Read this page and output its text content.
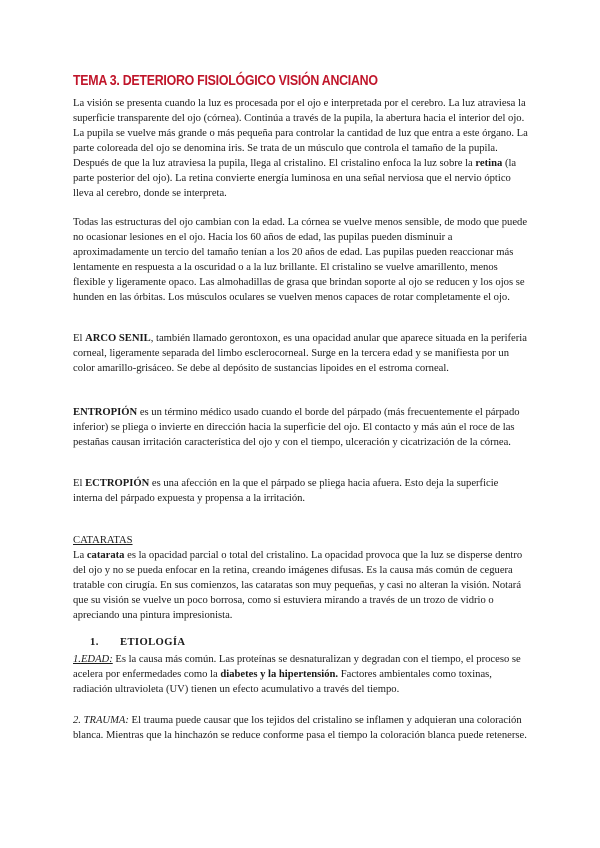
TEMA 3. DETERIORO FISIOLÓGICO VISIÓN ANCIANO

La visión se presenta cuando la luz es procesada por el ojo e interpretada por el cerebro. La luz atraviesa la superficie transparente del ojo (córnea). Continúa a través de la pupila, la abertura hacia el interior del ojo. La pupila se vuelve más grande o más pequeña para controlar la cantidad de luz que entra a este órgano. La parte coloreada del ojo se denomina iris. Se trata de un músculo que controla el tamaño de la pupila. Después de que la luz atraviesa la pupila, llega al cristalino. El cristalino enfoca la luz sobre la retina (la parte posterior del ojo). La retina convierte energía luminosa en una señal nerviosa que el nervio óptico lleva al cerebro, donde se interpreta.

Todas las estructuras del ojo cambian con la edad. La córnea se vuelve menos sensible, de modo que puede no ocasionar lesiones en el ojo. Hacia los 60 años de edad, las pupilas pueden disminuir a aproximadamente un tercio del tamaño tenían a los 20 años de edad. Las pupilas pueden reaccionar más lentamente en respuesta a la oscuridad o a la luz brillante. El cristalino se vuelve amarillento, menos flexible y ligeramente opaco. Las almohadillas de grasa que brindan soporte al ojo se reducen y los ojos se hunden en las órbitas. Los músculos oculares se vuelven menos capaces de rotar completamente el ojo.

El ARCO SENIL, también llamado gerontoxon, es una opacidad anular que aparece situada en la periferia corneal, ligeramente separada del limbo esclerocorneal. Surge en la tercera edad y se manifiesta por un color amarillo-grisáceo. Se debe al depósito de sustancias lipoides en el estroma corneal.

ENTROPIÓN es un término médico usado cuando el borde del párpado (más frecuentemente el párpado inferior) se pliega o invierte en dirección hacia la superficie del ojo. El contacto y más aún el roce de las pestañas causan irritación característica del ojo y con el tiempo, ulceración y cicatrización de la córnea.

El ECTROPIÓN es una afección en la que el párpado se pliega hacia afuera. Esto deja la superficie interna del párpado expuesta y propensa a la irritación.

CATARATAS

La catarata es la opacidad parcial o total del cristalino. La opacidad provoca que la luz se disperse dentro del ojo y no se pueda enfocar en la retina, creando imágenes difusas. Es la causa más común de ceguera tratable con cirugía. En sus comienzos, las cataratas son muy pequeñas, y casi no alteran la visión. Notará que su visión se vuelve un poco borrosa, como si estuviera mirando a través de un trozo de vidrio o apreciando una pintura impresionista.

1. ETIOLOGÍA

1.EDAD: Es la causa más común. Las proteínas se desnaturalizan y degradan con el tiempo, el proceso se acelera por enfermedades como la diabetes y la hipertensión. Factores ambientales como toxinas, radiación ultravioleta (UV) tienen un efecto acumulativo a través del tiempo.

2. TRAUMA: El trauma puede causar que los tejidos del cristalino se inflamen y adquieran una coloración blanca. Mientras que la hinchazón se reduce conforme pasa el tiempo la coloración blanca puede retenerse.
